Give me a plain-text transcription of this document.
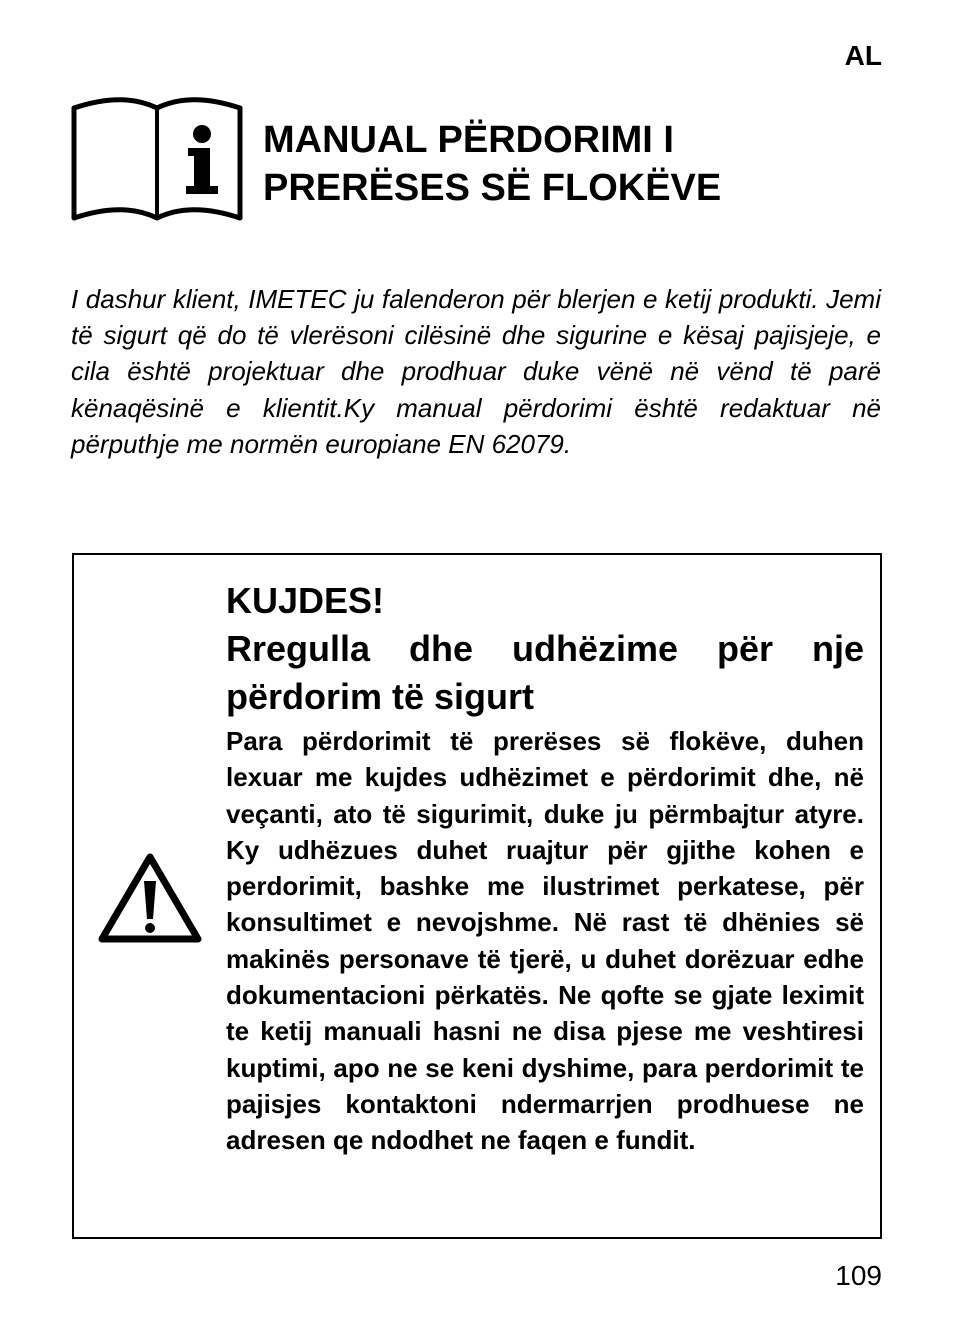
AL
MANUAL PËRDORIMI I
PRERËSES SË FLOKËVE

I dashur klient, IMETEC ju falenderon për blerjen e ketij produkti. Jemi të sigurt që do të vlerësoni cilësinë dhe sigurine e kësaj pajisjeje, e cila është projektuar dhe prodhuar duke vënë në vënd të parë kënaqësinë e klientit.Ky manual përdorimi është redaktuar në përputhje me normën europiane EN 62079.

KUJDES!
Rregulla dhe udhëzime për nje përdorim të sigurt

Para përdorimit të prerëses së flokëve, duhen lexuar me kujdes udhëzimet e përdorimit dhe, në veçanti, ato të sigurimit, duke ju përmbajtur atyre. Ky udhëzues duhet ruajtur për gjithe kohen e perdorimit, bashke me ilustrimet perkatese, për konsultimet e nevojshme. Në rast të dhënies së makinës personave të tjerë, u duhet dorëzuar edhe dokumentacioni përkatës. Ne qofte se gjate leximit te ketij manuali hasni ne disa pjese me veshtiresi kuptimi, apo ne se keni dyshime, para perdorimit te pajisjes kontaktoni ndermarrjen prodhuese ne adresen qe ndodhet ne faqen e fundit.

109
